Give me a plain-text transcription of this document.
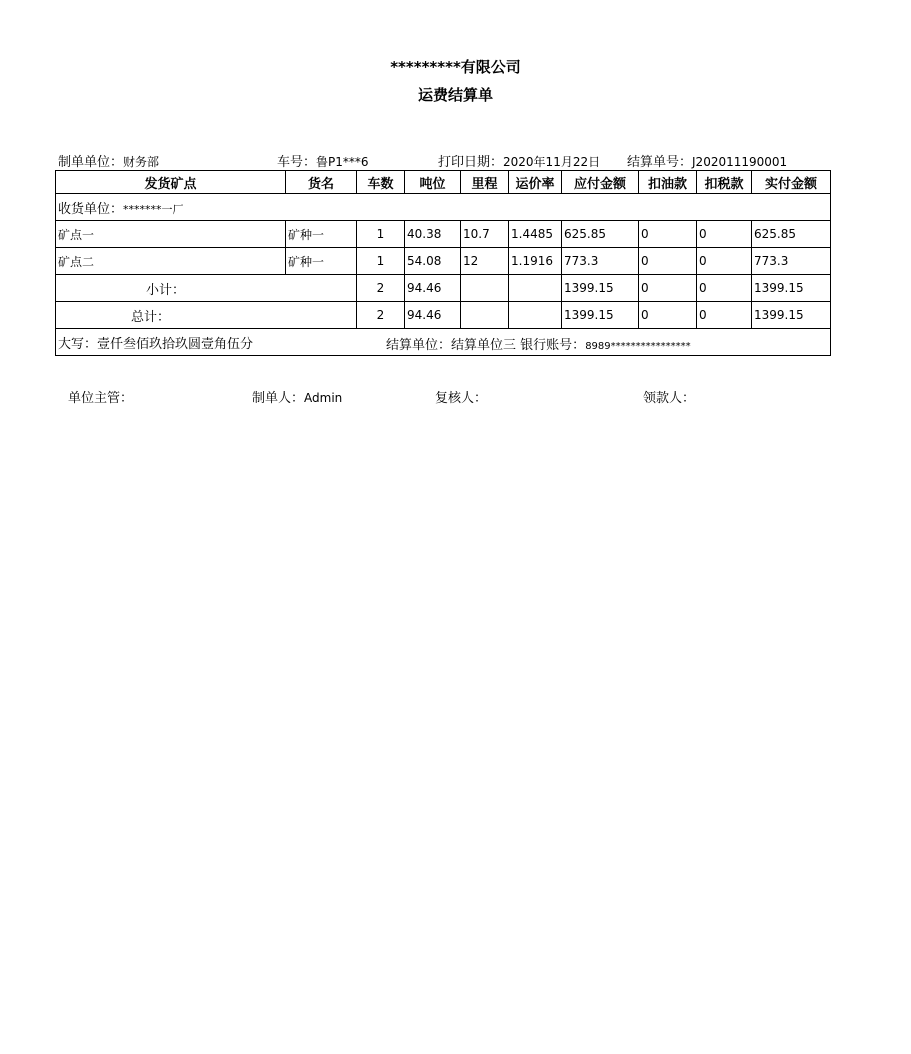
*********有限公司
运费结算单
制单单位：财务部	车号：鲁P1***6	打印日期：2020年11月22日 结算单号：J202011190001
发货矿点	货名	车数	吨位	里程	运价率	应付金额	扣油款	扣税款	实付金额
收货单位：*******一厂									
矿点一	矿种一	1	40.38	10.7	1.4485	625.85	0	0	625.85
矿点二	矿种一	1	54.08	12	1.1916	773.3	0	0	773.3
小计：		2	94.46			1399.15	0	0	1399.15
总计：		2	94.46			1399.15	0	0	1399.15
大写：壹仟叁佰玖拾玖圆壹角伍分 结算单位：结算单位三 银行账号：8989****************									
单位主管：	制单人：Admin	复核人：	领款人：
